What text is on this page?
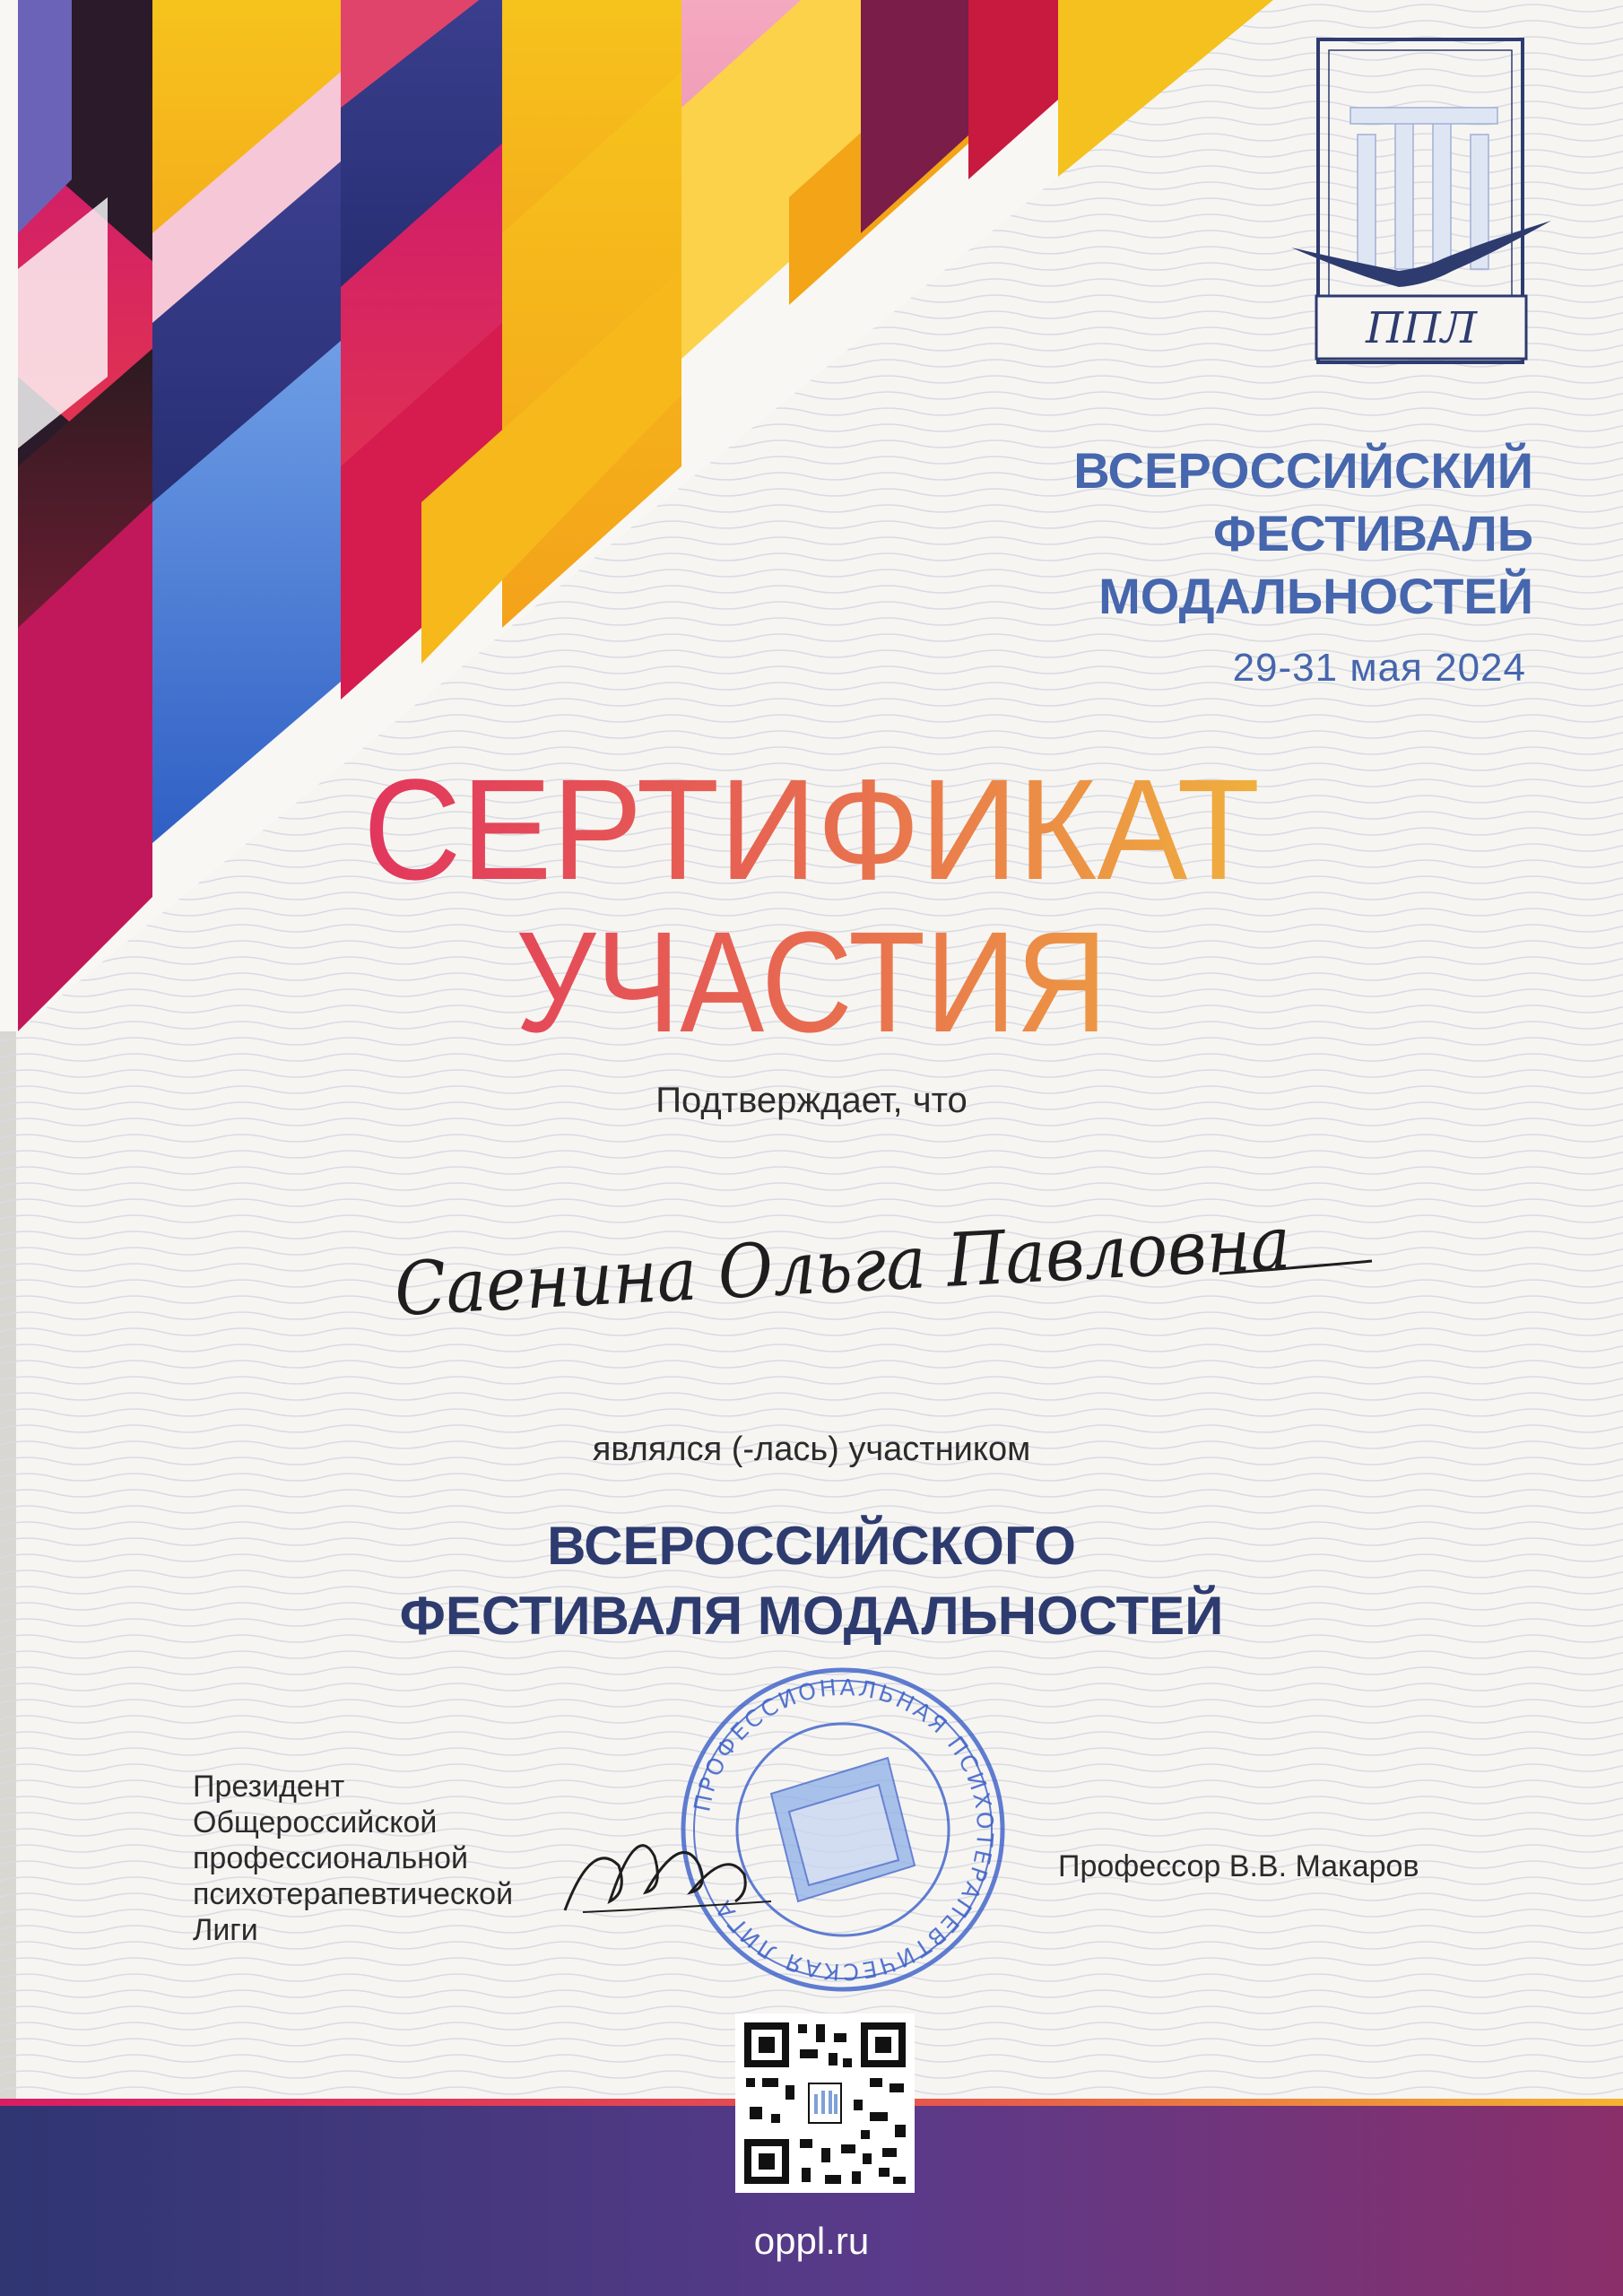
ППЛ
ВСЕРОССИЙСКИЙ
ФЕСТИВАЛЬ
МОДАЛЬНОСТЕЙ
29-31 мая 2024
СЕРТИФИКАТ
УЧАСТИЯ
Подтверждает, что
Саенина Ольга Павловна
являлся (-лась) участником
ВСЕРОССИЙСКОГО
ФЕСТИВАЛЯ МОДАЛЬНОСТЕЙ
Президент
Общероссийской
профессиональной
психотерапевтической
Лиги
ПРОФЕССИОНАЛЬНАЯ ПСИХОТЕРАПЕВТИЧЕСКАЯ ЛИГА
Профессор В.В. Макаров
oppl.ru
